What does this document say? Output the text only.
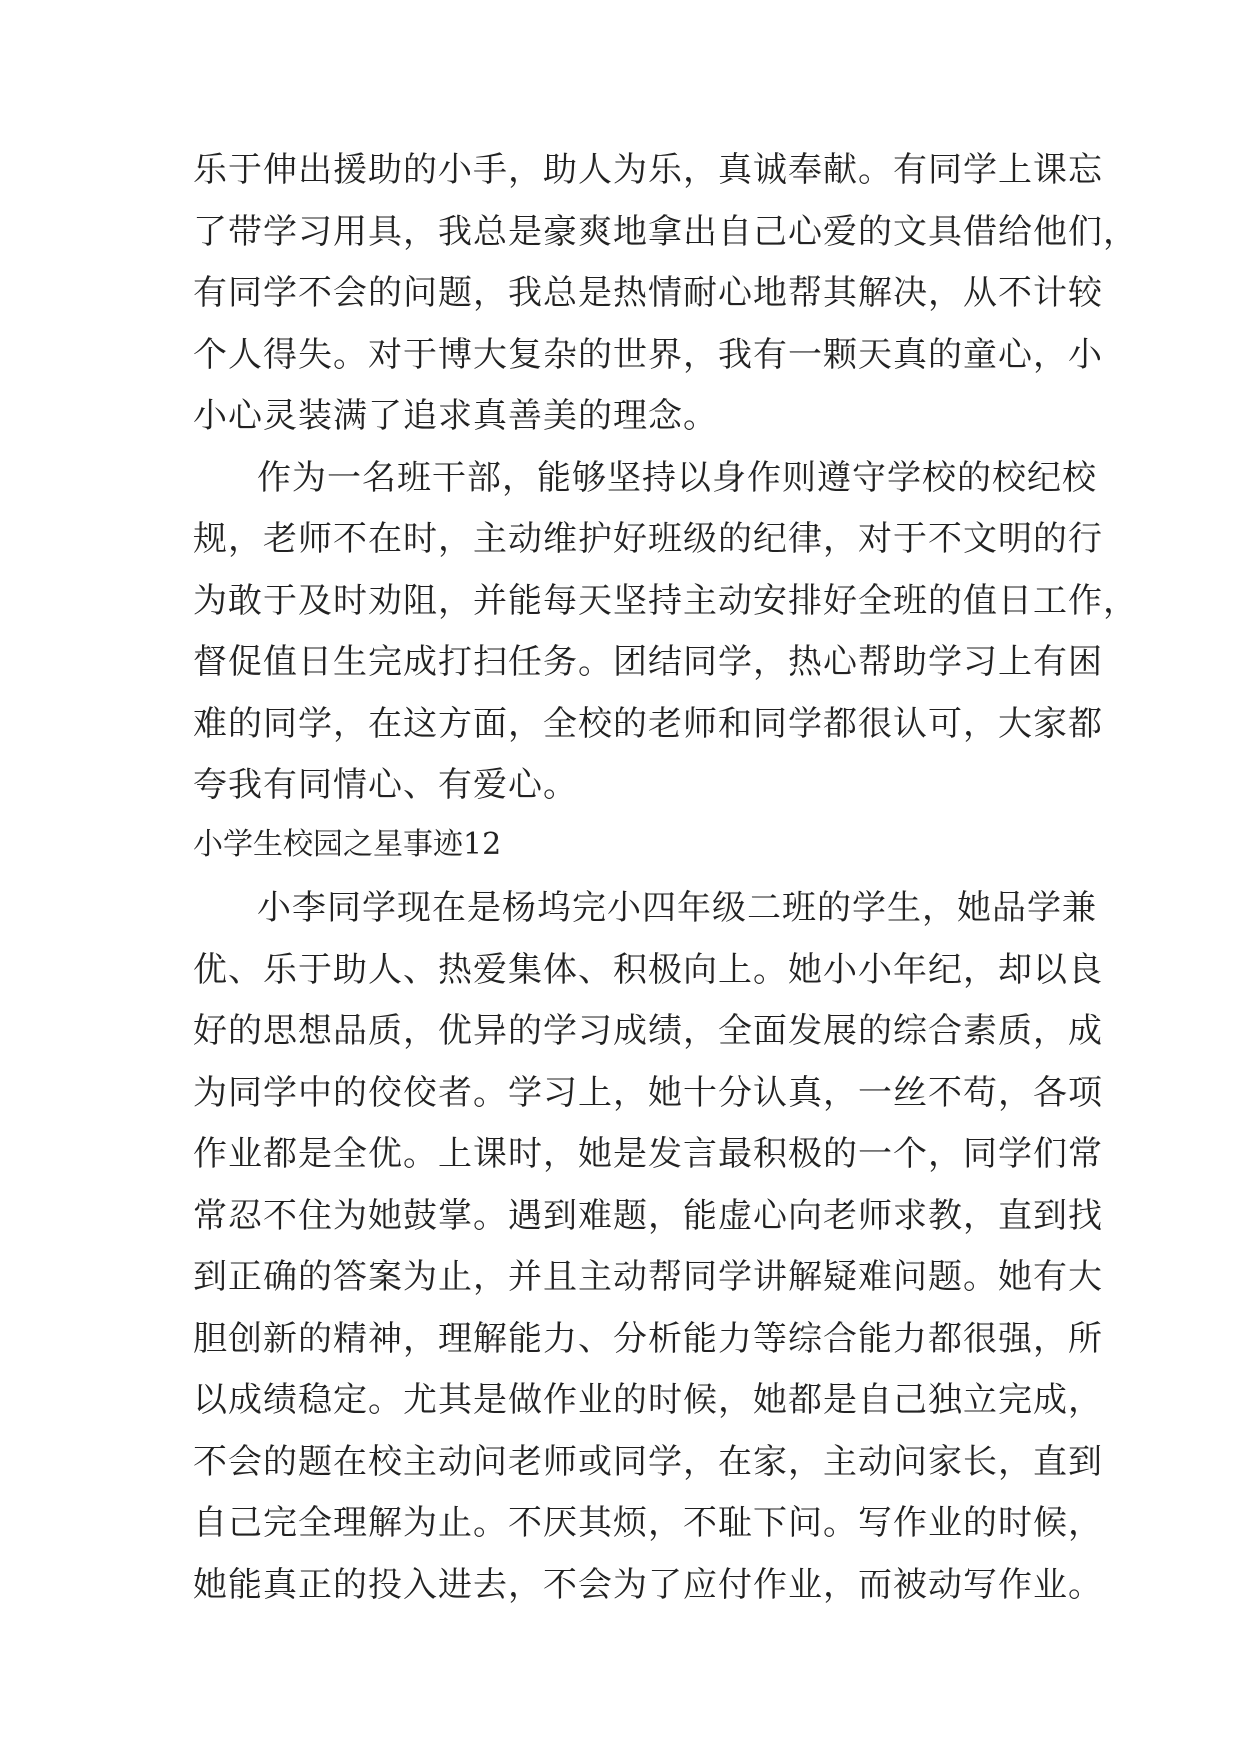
乐于伸出援助的小手，助人为乐，真诚奉献。有同学上课忘
了带学习用具，我总是豪爽地拿出自己心爱的文具借给他们，
有同学不会的问题，我总是热情耐心地帮其解决，从不计较
个人得失。对于博大复杂的世界，我有一颗天真的童心，小
小心灵装满了追求真善美的理念。
作为一名班干部，能够坚持以身作则遵守学校的校纪校
规，老师不在时，主动维护好班级的纪律，对于不文明的行
为敢于及时劝阻，并能每天坚持主动安排好全班的值日工作，
督促值日生完成打扫任务。团结同学，热心帮助学习上有困
难的同学，在这方面，全校的老师和同学都很认可，大家都
夸我有同情心、有爱心。
小学生校园之星事迹12
小李同学现在是杨坞完小四年级二班的学生，她品学兼
优、乐于助人、热爱集体、积极向上。她小小年纪，却以良
好的思想品质，优异的学习成绩，全面发展的综合素质，成
为同学中的佼佼者。学习上，她十分认真，一丝不苟，各项
作业都是全优。上课时，她是发言最积极的一个，同学们常
常忍不住为她鼓掌。遇到难题，能虚心向老师求教，直到找
到正确的答案为止，并且主动帮同学讲解疑难问题。她有大
胆创新的精神，理解能力、分析能力等综合能力都很强，所
以成绩稳定。尤其是做作业的时候，她都是自己独立完成，
不会的题在校主动问老师或同学，在家，主动问家长，直到
自己完全理解为止。不厌其烦，不耻下问。写作业的时候，
她能真正的投入进去，不会为了应付作业，而被动写作业。
